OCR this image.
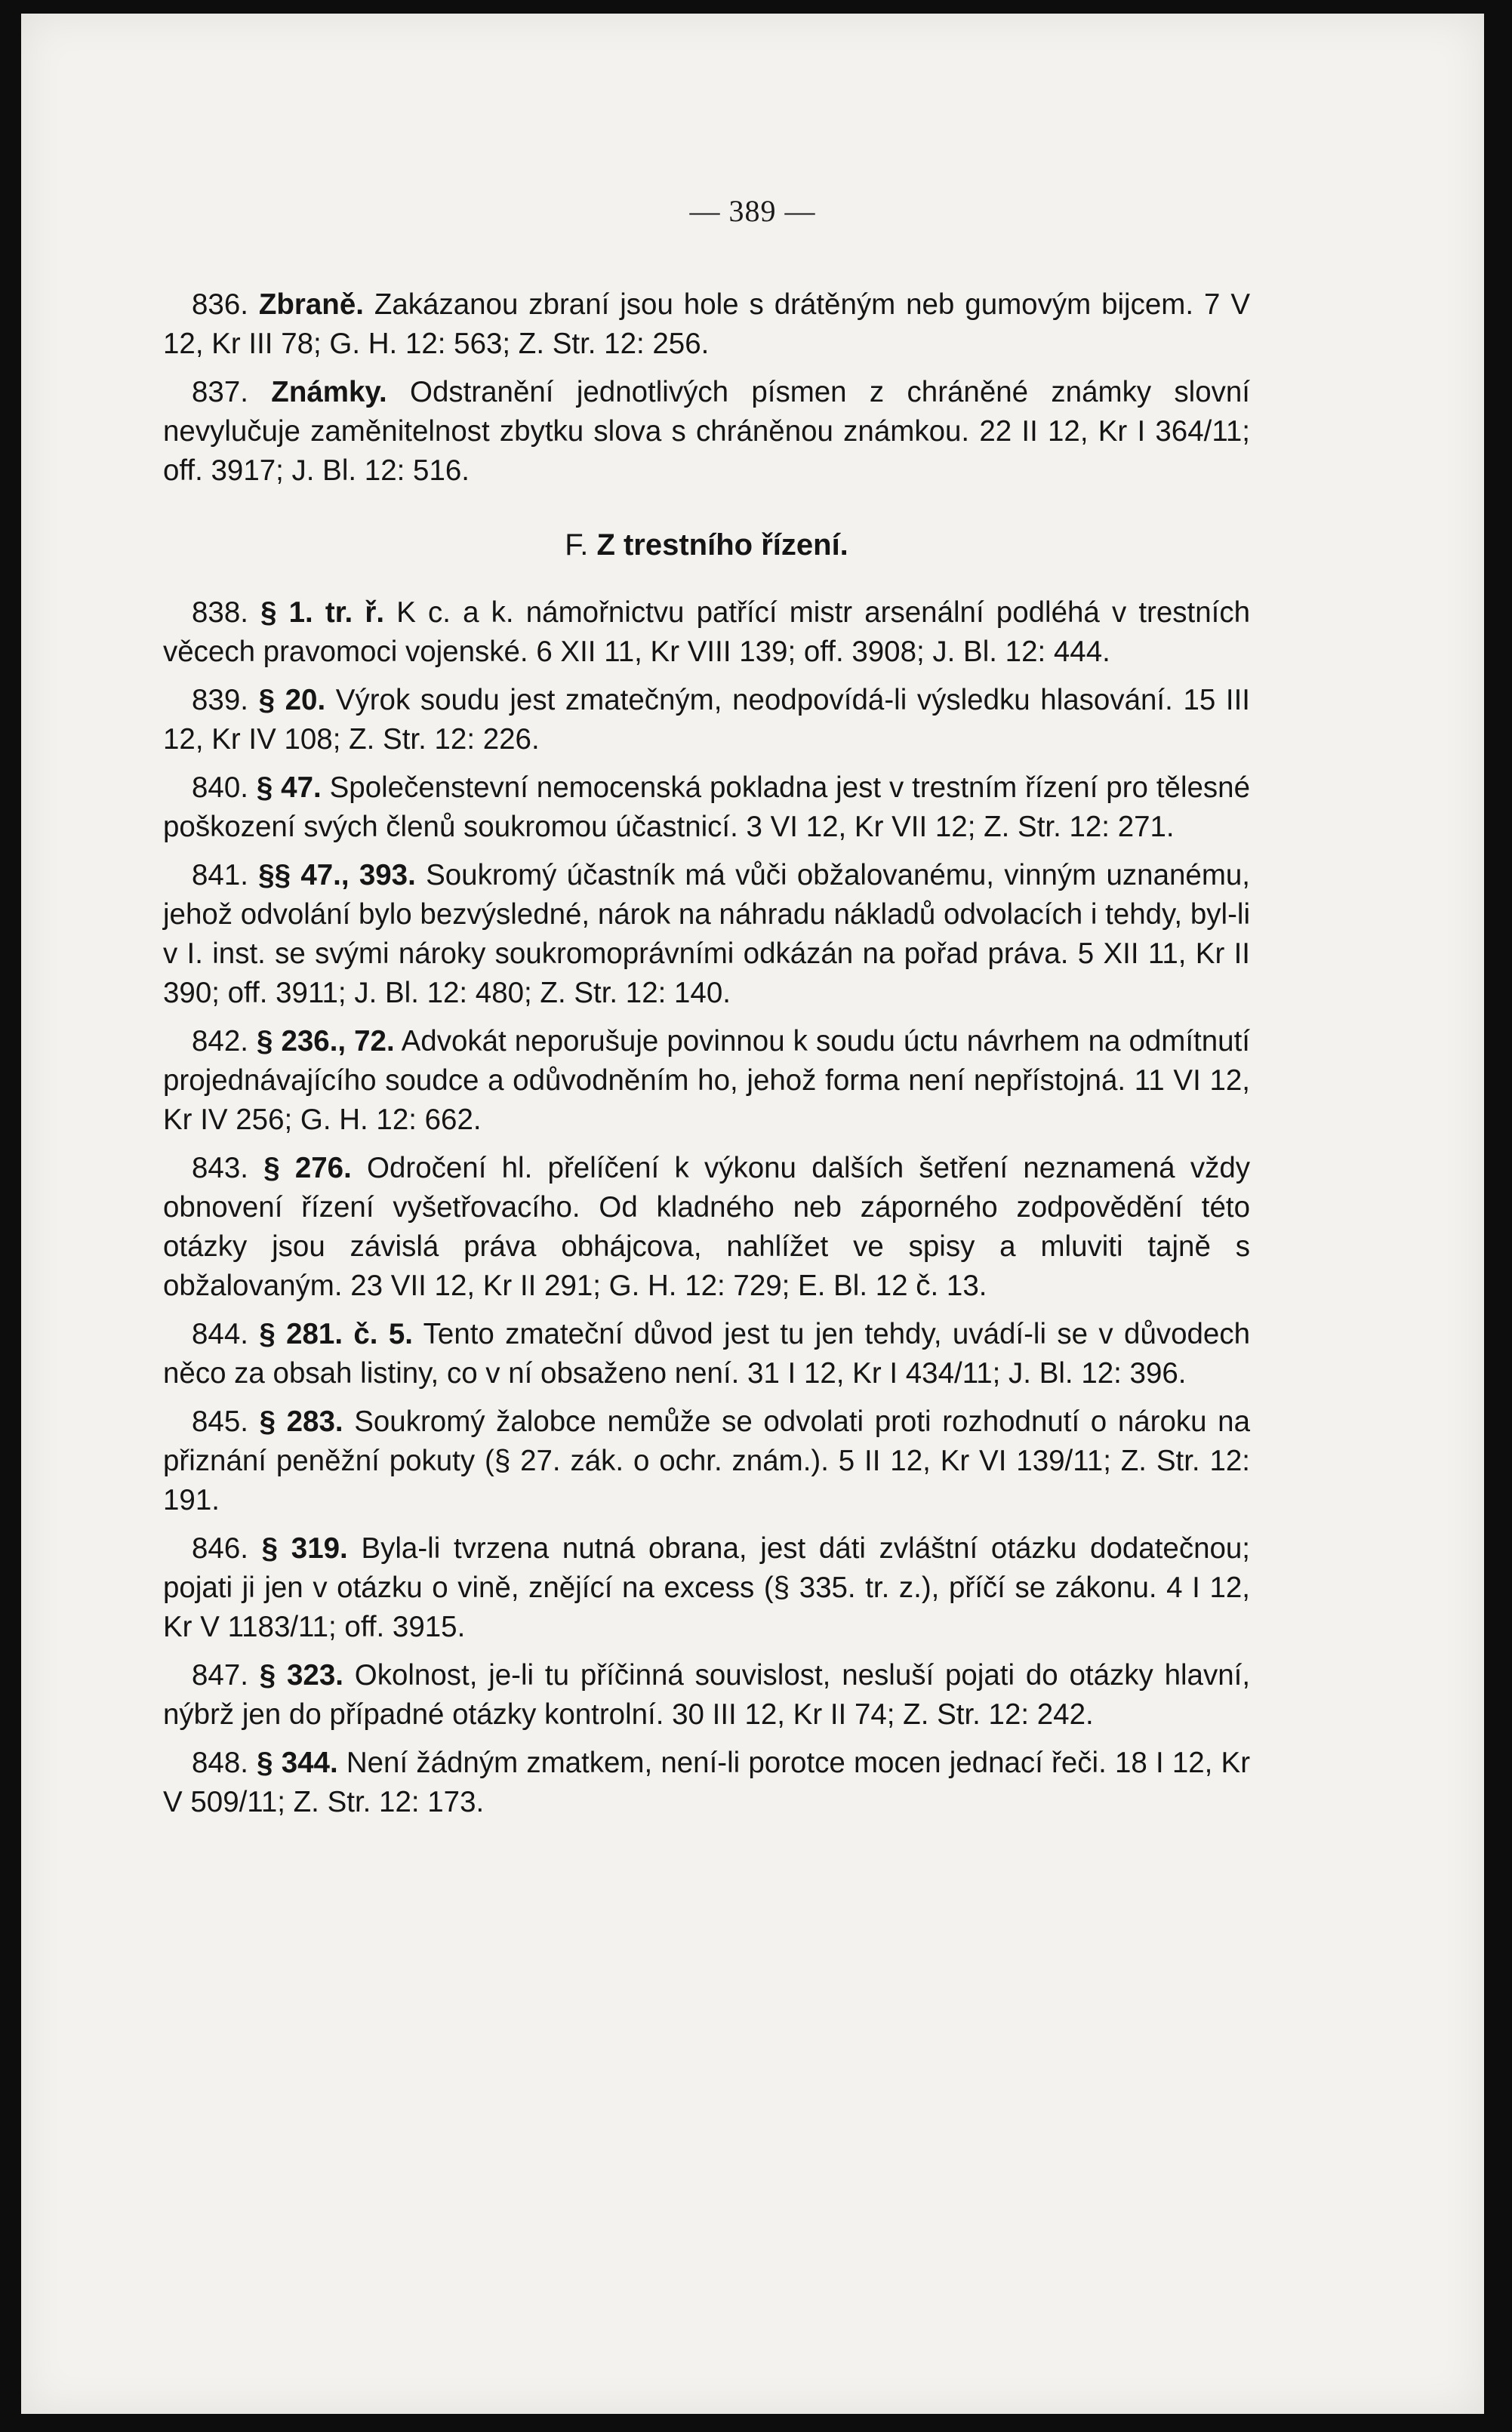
— 389 —

836. Zbraně. Zakázanou zbraní jsou hole s drátěným neb gumovým bijcem. 7 V 12, Kr III 78; G. H. 12: 563; Z. Str. 12: 256.

837. Známky. Odstranění jednotlivých písmen z chráněné známky slovní nevylučuje zaměnitelnost zbytku slova s chráněnou známkou. 22 II 12, Kr I 364/11; off. 3917; J. Bl. 12: 516.

F. Z trestního řízení.

838. § 1. tr. ř. K c. a k. námořnictvu patřící mistr arsenální podléhá v trestních věcech pravomoci vojenské. 6 XII 11, Kr VIII 139; off. 3908; J. Bl. 12: 444.

839. § 20. Výrok soudu jest zmatečným, neodpovídá-li výsledku hlasování. 15 III 12, Kr IV 108; Z. Str. 12: 226.

840. § 47. Společenstevní nemocenská pokladna jest v trestním řízení pro tělesné poškození svých členů soukromou účastnicí. 3 VI 12, Kr VII 12; Z. Str. 12: 271.

841. §§ 47., 393. Soukromý účastník má vůči obžalovanému, vinným uznanému, jehož odvolání bylo bezvýsledné, nárok na náhradu nákladů odvolacích i tehdy, byl-li v I. inst. se svými nároky soukromoprávními odkázán na pořad práva. 5 XII 11, Kr II 390; off. 3911; J. Bl. 12: 480; Z. Str. 12: 140.

842. § 236., 72. Advokát neporušuje povinnou k soudu úctu návrhem na odmítnutí projednávajícího soudce a odůvodněním ho, jehož forma není nepřístojná. 11 VI 12, Kr IV 256; G. H. 12: 662.

843. § 276. Odročení hl. přelíčení k výkonu dalších šetření neznamená vždy obnovení řízení vyšetřovacího. Od kladného neb záporného zodpovědění této otázky jsou závislá práva obhájcova, nahlížet ve spisy a mluviti tajně s obžalovaným. 23 VII 12, Kr II 291; G. H. 12: 729; E. Bl. 12 č. 13.

844. § 281. č. 5. Tento zmateční důvod jest tu jen tehdy, uvádí-li se v důvodech něco za obsah listiny, co v ní obsaženo není. 31 I 12, Kr I 434/11; J. Bl. 12: 396.

845. § 283. Soukromý žalobce nemůže se odvolati proti rozhodnutí o nároku na přiznání peněžní pokuty (§ 27. zák. o ochr. znám.). 5 II 12, Kr VI 139/11; Z. Str. 12: 191.

846. § 319. Byla-li tvrzena nutná obrana, jest dáti zvláštní otázku dodatečnou; pojati ji jen v otázku o vině, znějící na excess (§ 335. tr. z.), příčí se zákonu. 4 I 12, Kr V 1183/11; off. 3915.

847. § 323. Okolnost, je-li tu příčinná souvislost, nesluší pojati do otázky hlavní, nýbrž jen do případné otázky kontrolní. 30 III 12, Kr II 74; Z. Str. 12: 242.

848. § 344. Není žádným zmatkem, není-li porotce mocen jednací řeči. 18 I 12, Kr V 509/11; Z. Str. 12: 173.
